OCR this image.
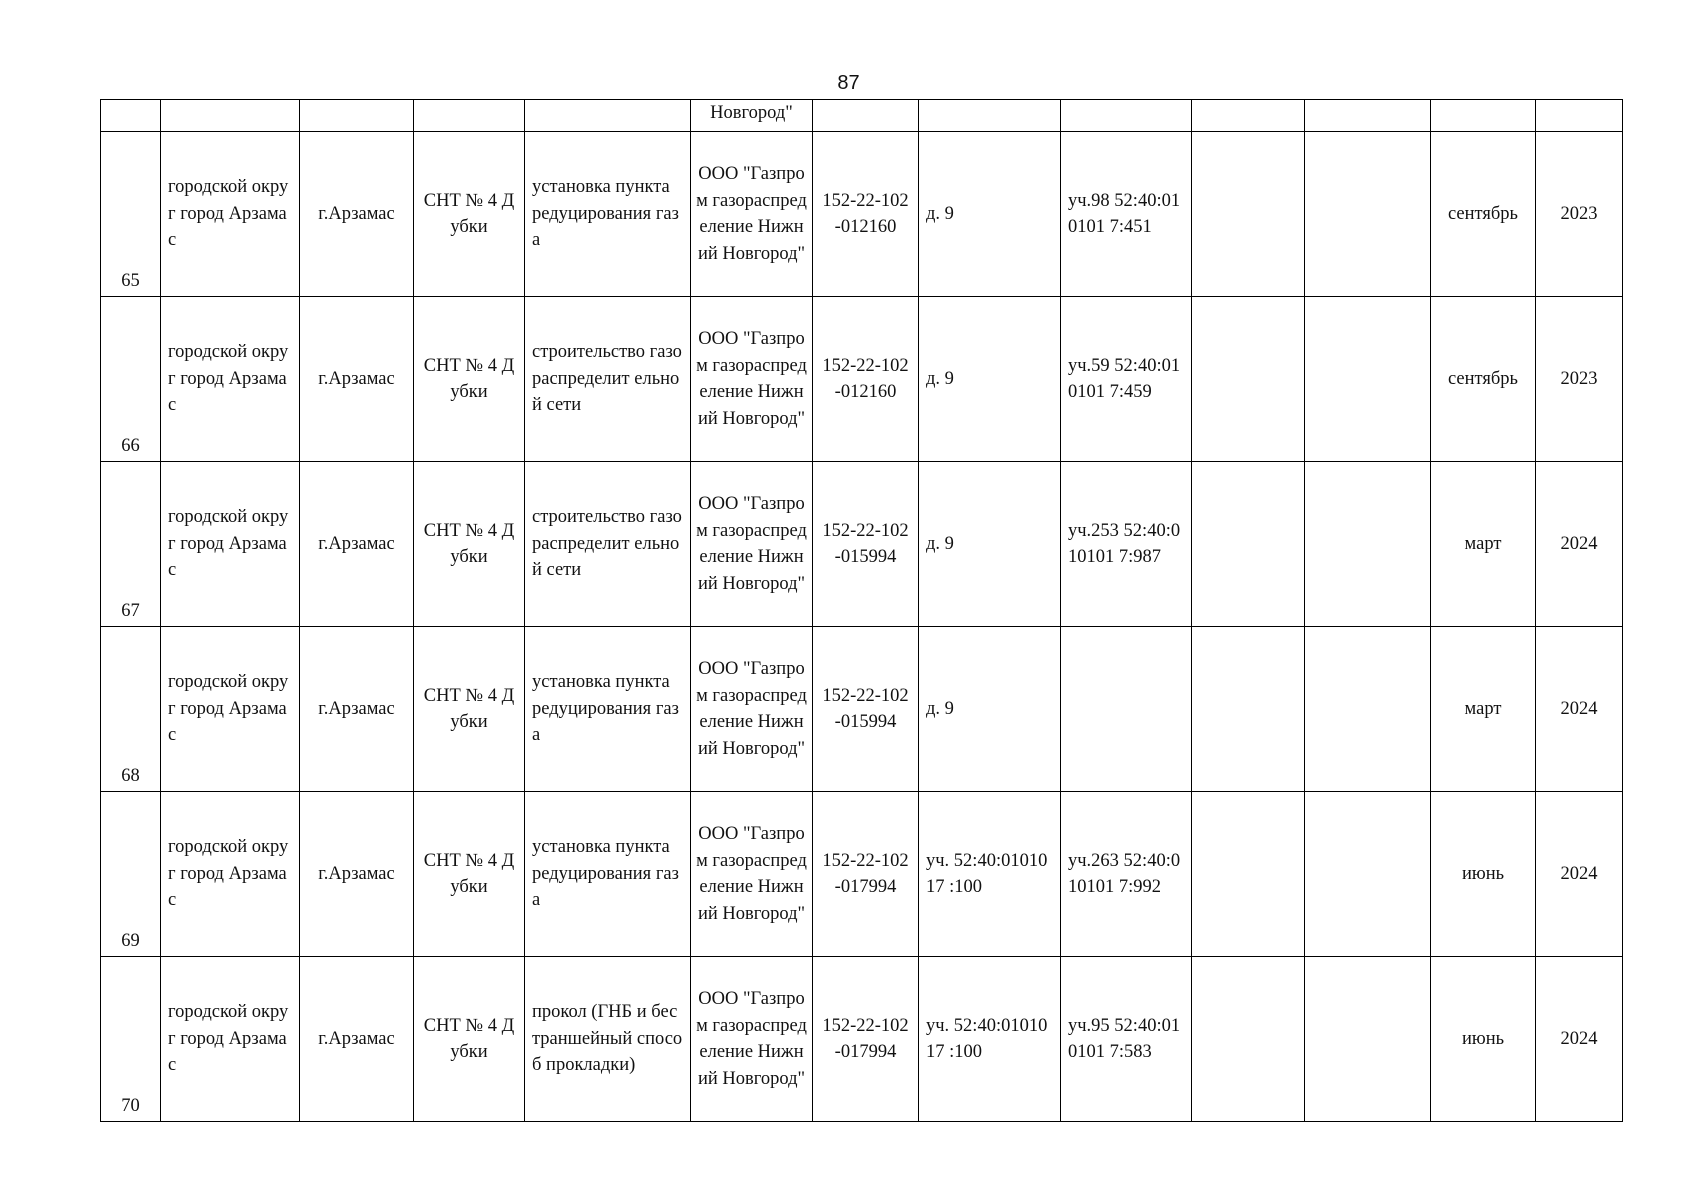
87
					Новгород"							
65	городской округ город Арзамас	г.Арзамас	СНТ № 4 Дубки	установка пункта редуцирования газа	ООО "Газпром газораспред еление Нижний Новгород"	152-22-102-012160	д. 9	уч.98 52:40:010101 7:451			сентябрь	2023
66	городской округ город Арзамас	г.Арзамас	СНТ № 4 Дубки	строительство газораспределит ельной сети	ООО "Газпром газораспред еление Нижний Новгород"	152-22-102-012160	д. 9	уч.59 52:40:010101 7:459			сентябрь	2023
67	городской округ город Арзамас	г.Арзамас	СНТ № 4 Дубки	строительство газораспределит ельной сети	ООО "Газпром газораспред еление Нижний Новгород"	152-22-102-015994	д. 9	уч.253 52:40:010101 7:987			март	2024
68	городской округ город Арзамас	г.Арзамас	СНТ № 4 Дубки	установка пункта редуцирования газа	ООО "Газпром газораспред еление Нижний Новгород"	152-22-102-015994	д. 9				март	2024
69	городской округ город Арзамас	г.Арзамас	СНТ № 4 Дубки	установка пункта редуцирования газа	ООО "Газпром газораспред еление Нижний Новгород"	152-22-102-017994	уч. 52:40:0101017 :100	уч.263 52:40:010101 7:992			июнь	2024
70	городской округ город Арзамас	г.Арзамас	СНТ № 4 Дубки	прокол (ГНБ и бестраншейный способ прокладки)	ООО "Газпром газораспред еление Нижний Новгород"	152-22-102-017994	уч. 52:40:0101017 :100	уч.95 52:40:010101 7:583			июнь	2024
